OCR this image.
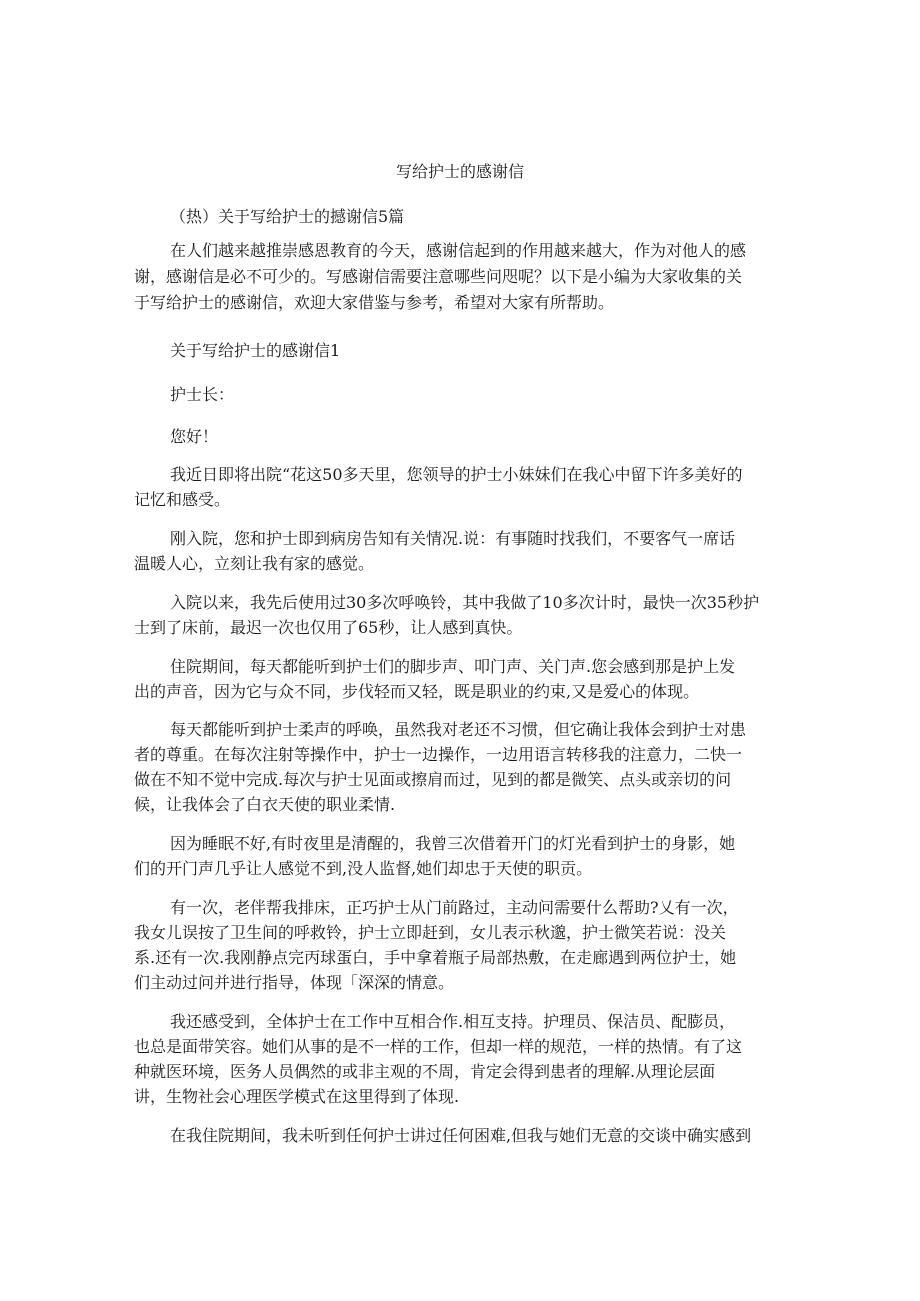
写给护士的感谢信
（热）关于写给护士的撼谢信5篇
在人们越来越推崇感恩教育的今天，感谢信起到的作用越来越大，作为对他人的感
谢，感谢信是必不可少的。写感谢信需要注意哪些问咫呢？以下是小编为大家收集的关
于写给护士的感谢信，欢迎大家借鉴与参考，希望对大家有所帮助。
关于写给护士的感谢信1
护士长：
您好！
我近日即将出院“花这50多天里，您领导的护士小妹妹们在我心中留下许多美好的
记忆和感受。
刚入院，您和护士即到病房告知有关情况.说：有事随时找我们，不要客气一席话
温暖人心，立刻让我有家的感觉。
入院以来，我先后使用过30多次呼唤铃，其中我做了10多次计时，最快一次35秒护
士到了床前，最迟一次也仅用了65秒，让人感到真快。
住院期间，每天都能听到护士们的脚步声、叩门声、关门声.您会感到那是护上发
出的声音，因为它与众不同，步伐轻而又轻，既是职业的约束,又是爱心的体现。
每天都能听到护士柔声的呼唤，虽然我对老还不习惯，但它确让我体会到护士对患
者的尊重。在每次注射等操作中，护士一边操作，一边用语言转移我的注意力，二快一
做在不知不觉中完成.每次与护士见面或擦肩而过，见到的都是微笑、点头或亲切的问
候，让我体会了白衣天使的职业柔情.
因为睡眠不好,有时夜里是清醒的，我曾三次借着开门的灯光看到护士的身影，她
们的开门声几乎让人感觉不到,没人监督,她们却忠于天使的职贡。
有一次，老伴帮我排床，正巧护士从门前路过，主动问需要什么帮助?乂有一次，
我女儿误按了卫生间的呼救铃，护士立即赶到，女儿表示秋邈，护士微笑若说：没关
系.还有一次.我刚静点完丙球蛋白，手中拿着瓶子局部热敷，在走廊遇到两位护士，她
们主动过问并进行指导，体现「深深的情意。
我还感受到，全体护士在工作中互相合作.相互支持。护理员、保洁员、配膨员，
也总是面带笑容。她们从事的是不一样的工作，但却一样的规范，一样的热情。有了这
种就医环境，医务人员偶然的或非主观的不周，肯定会得到患者的理解.从理论层面
讲，生物社会心理医学模式在这里得到了体现.
在我住院期间，我未听到任何护士讲过任何困难,但我与她们无意的交谈中确实感到
